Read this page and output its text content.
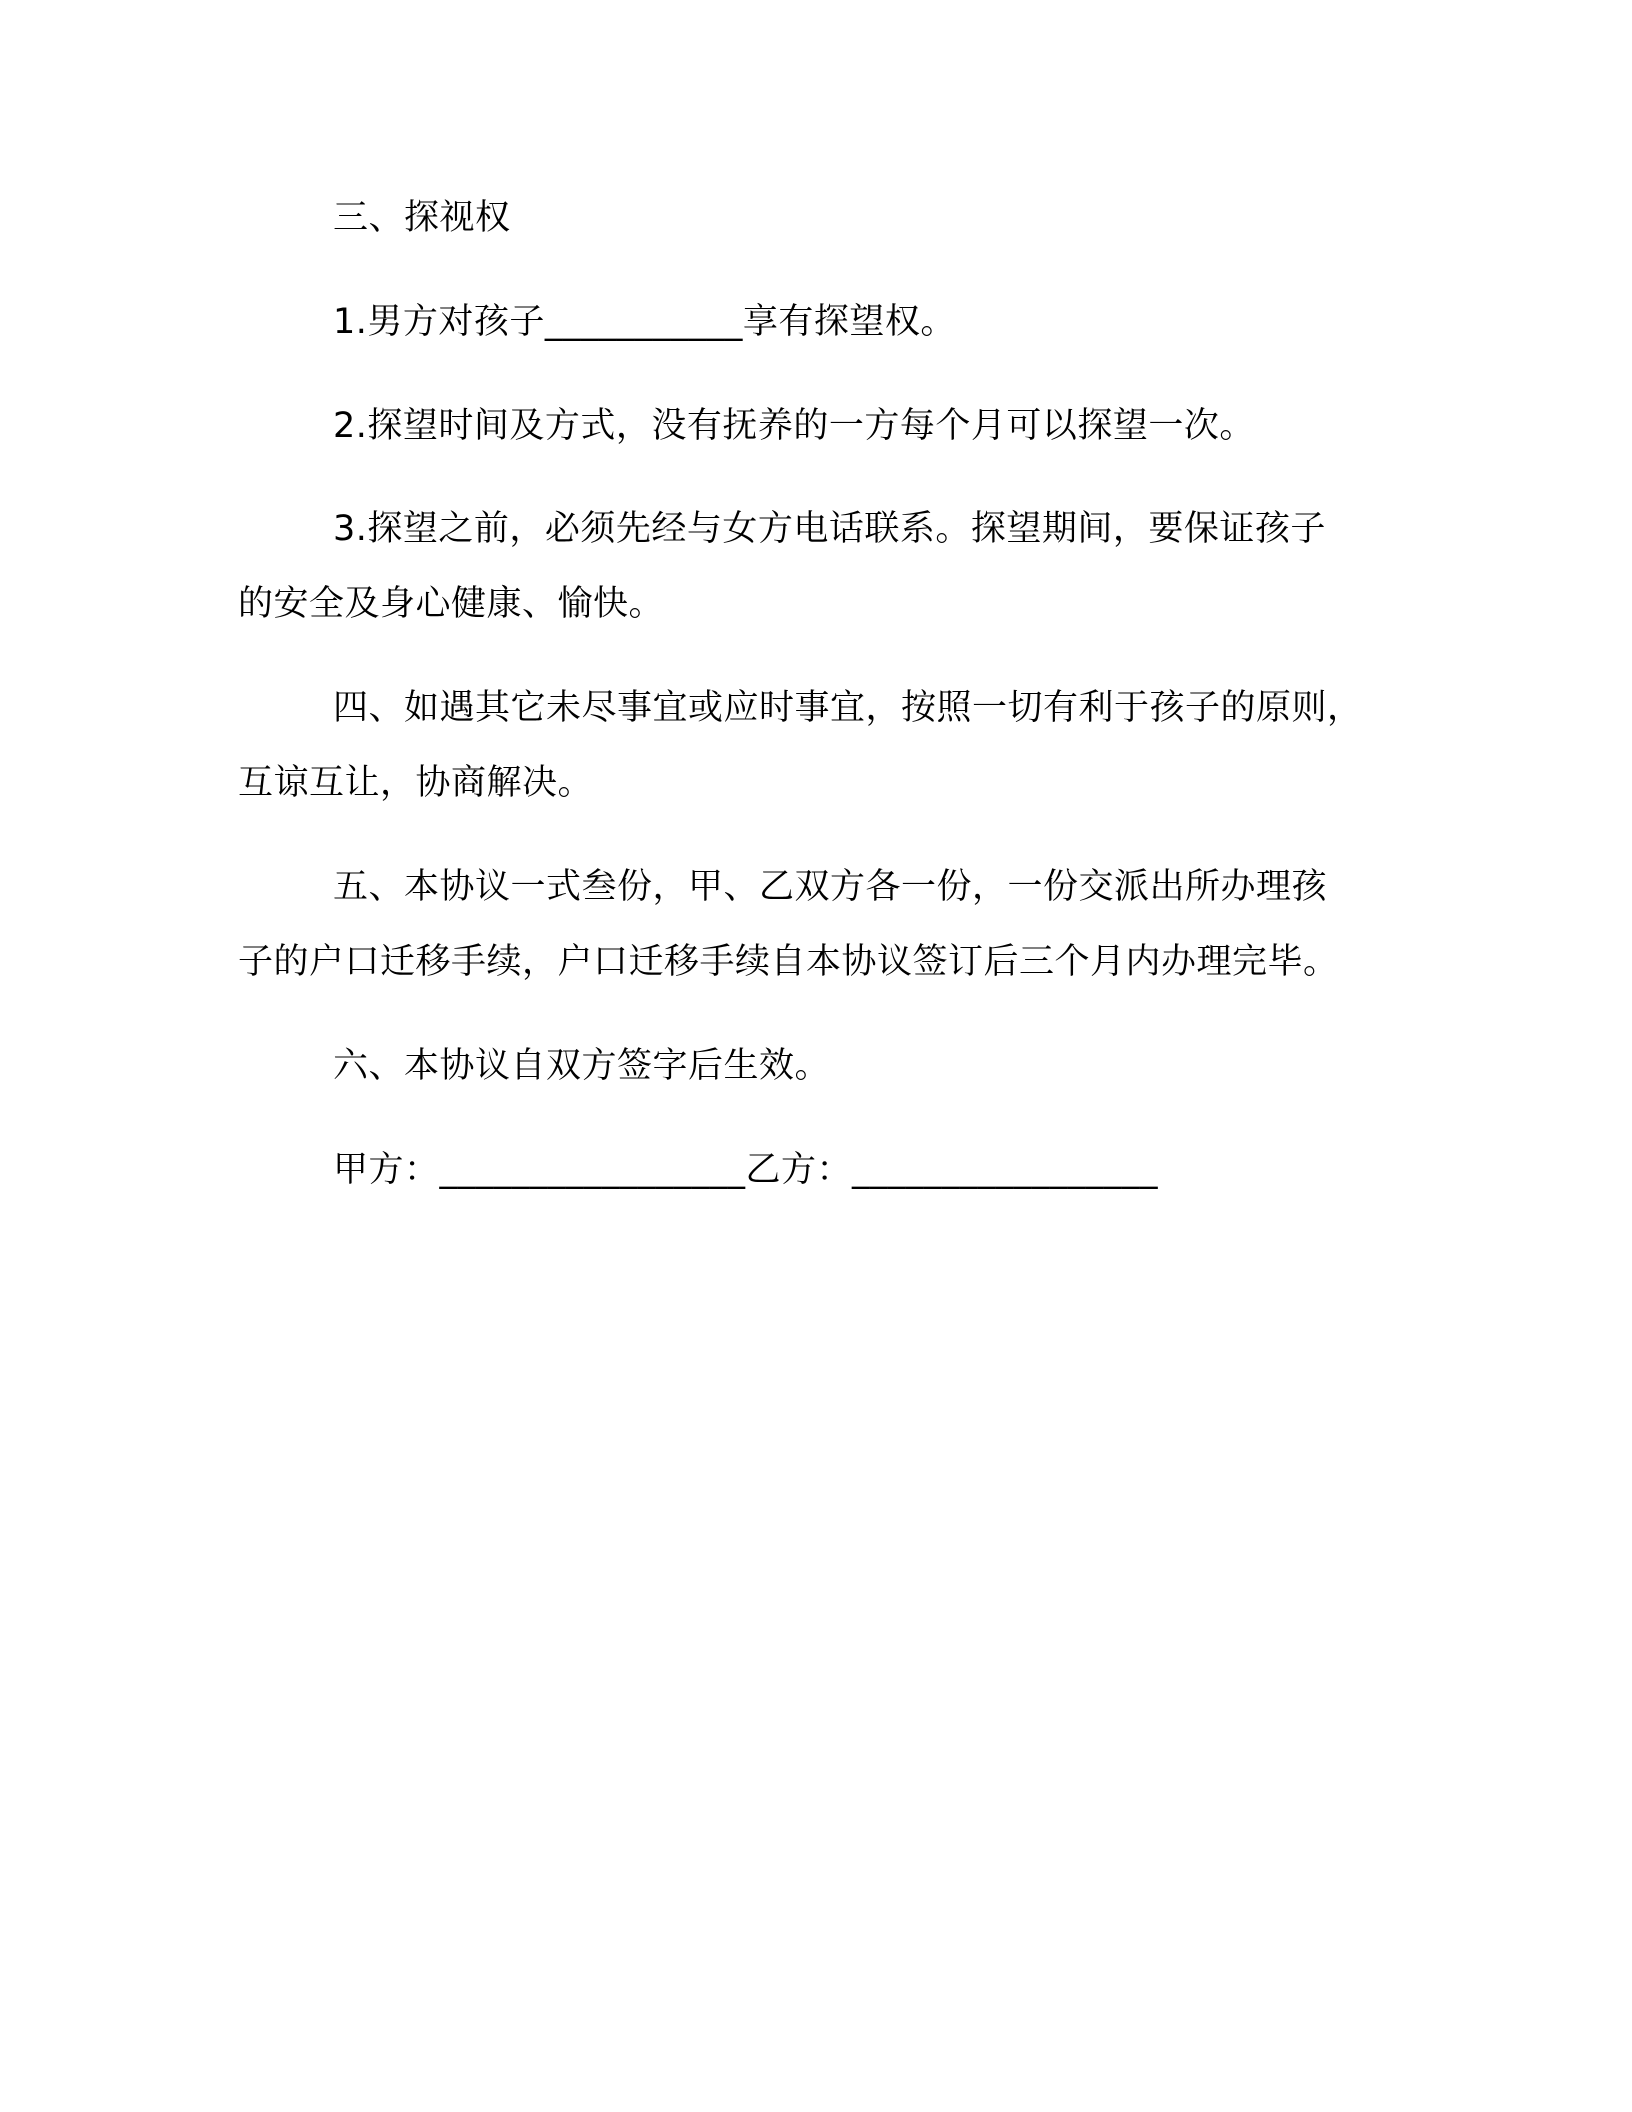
三、探视权
1.男方对孩子___________享有探望权。
2.探望时间及方式，没有抚养的一方每个月可以探望一次。
3.探望之前，必须先经与女方电话联系。探望期间，要保证孩子
的安全及身心健康、愉快。
四、如遇其它未尽事宜或应时事宜，按照一切有利于孩子的原则，
互谅互让，协商解决。
五、本协议一式叁份，甲、乙双方各一份，一份交派出所办理孩
子的户口迁移手续，户口迁移手续自本协议签订后三个月内办理完毕。
六、本协议自双方签字后生效。
甲方：_________________乙方：_________________
